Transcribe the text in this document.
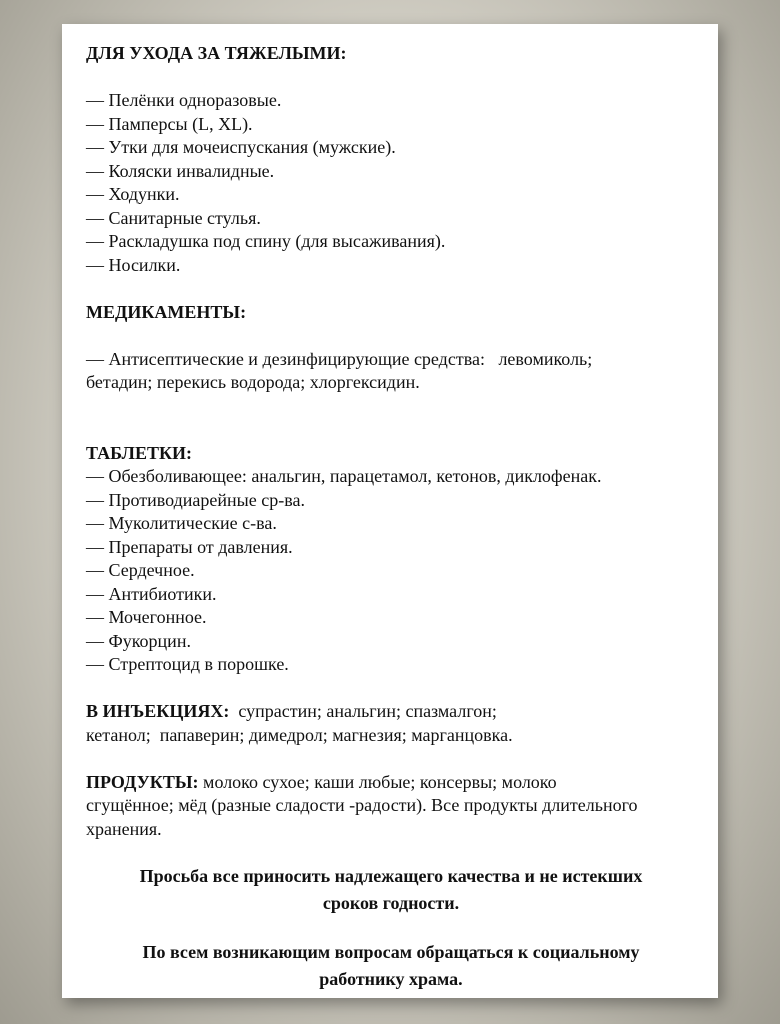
ДЛЯ УХОДА ЗА ТЯЖЕЛЫМИ:

— Пелёнки одноразовые.

— Памперсы (L, XL).

— Утки для мочеиспускания (мужские).

— Коляски инвалидные.

— Ходунки.

— Санитарные стулья.

— Раскладушка под спину (для высаживания).

— Носилки.

МЕДИКАМЕНТЫ:

— Антисептические и дезинфицирующие средства:   левомиколь;

бетадин; перекись водорода; хлоргексидин.

ТАБЛЕТКИ:

— Обезболивающее: анальгин, парацетамол, кетонов, диклофенак.

— Противодиарейные ср-ва.

— Муколитические с-ва.

— Препараты от давления.

— Сердечное.

— Антибиотики.

— Мочегонное.

— Фукорцин.

— Стрептоцид в порошке.

В ИНЪЕКЦИЯХ:  супрастин; анальгин; спазмалгон;

кетанол;  папаверин; димедрол; магнезия; марганцовка.

ПРОДУКТЫ: молоко сухое; каши любые; консервы; молоко

сгущённое; мёд (разные сладости -радости). Все продукты длительного

хранения.

Просьба все приносить надлежащего качества и не истекших

сроков годности.

По всем возникающим вопросам обращаться к социальному

работнику храма.
